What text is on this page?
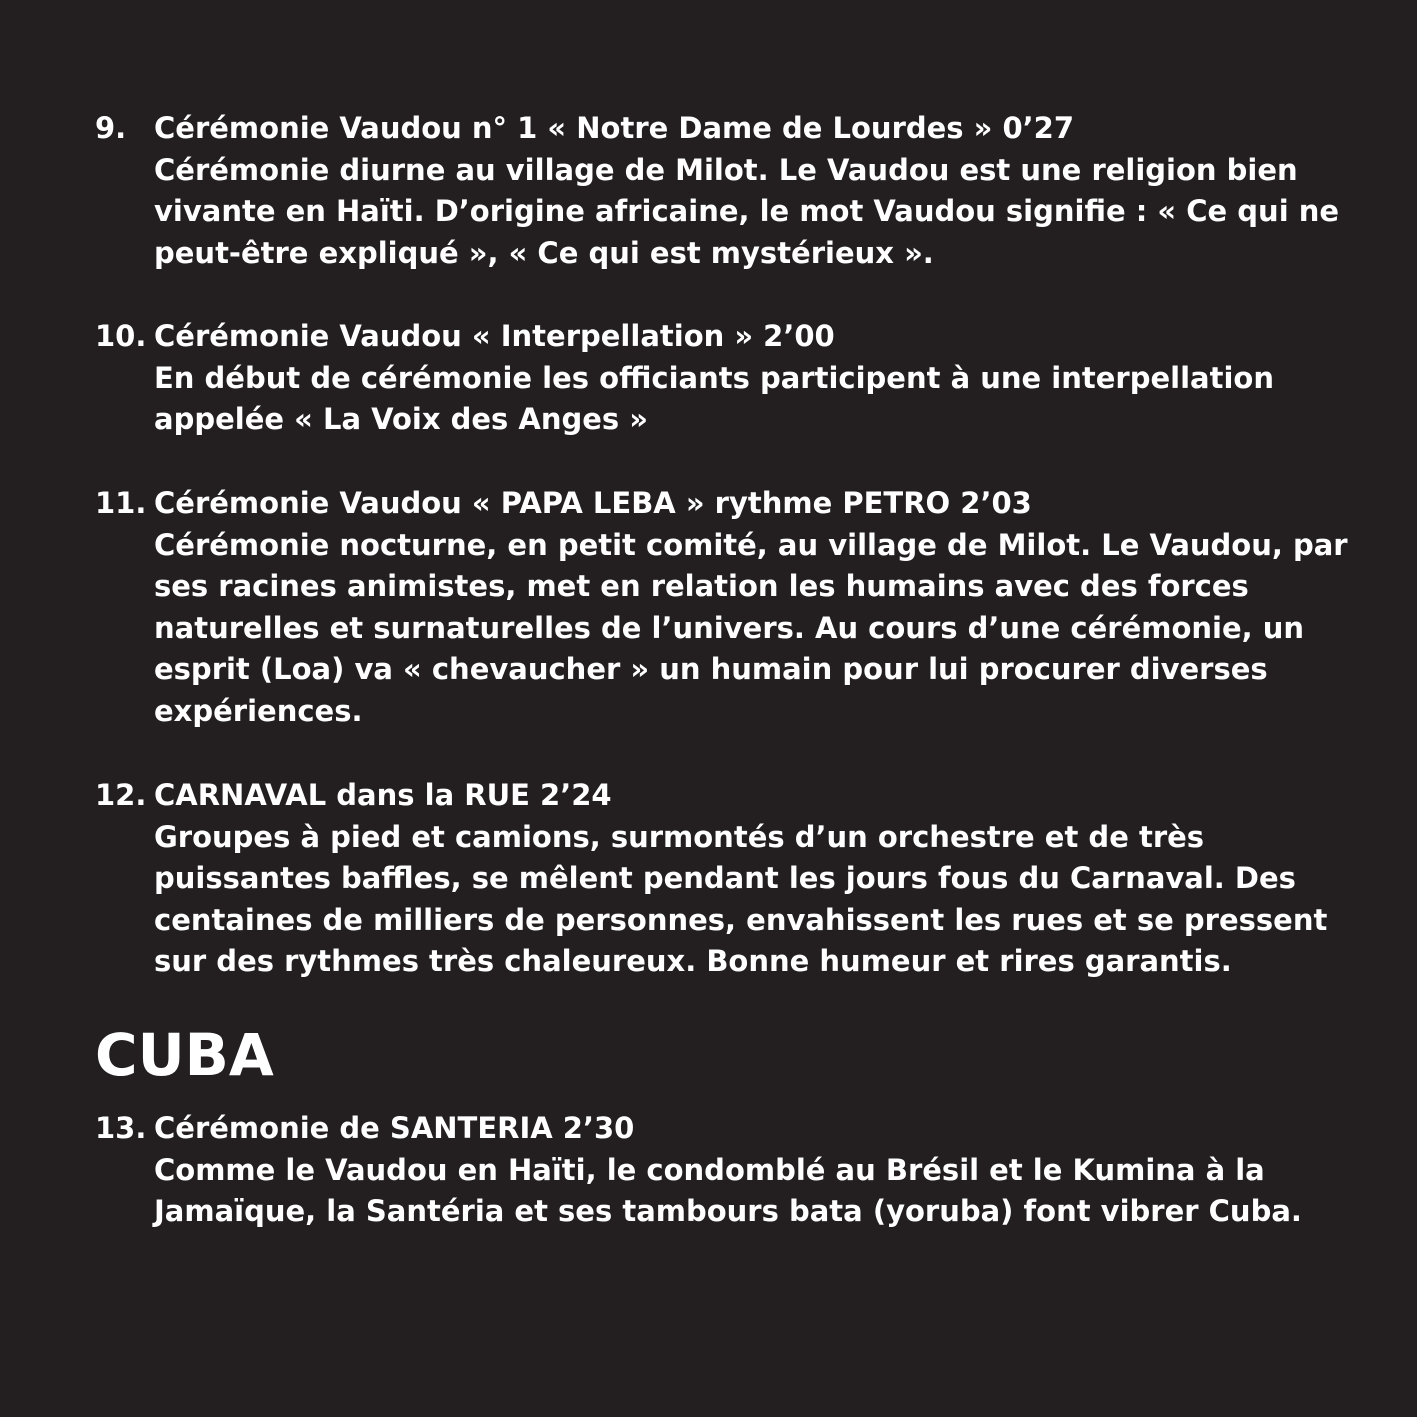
9. Cérémonie Vaudou n° 1 « Notre Dame de Lourdes » 0’27

Cérémonie diurne au village de Milot. Le Vaudou est une religion bien

vivante en Haïti. D’origine africaine, le mot Vaudou signifie : « Ce qui ne

peut-être expliqué », « Ce qui est mystérieux ».

10. Cérémonie Vaudou « Interpellation » 2’00

En début de cérémonie les officiants participent à une interpellation

appelée « La Voix des Anges »

11. Cérémonie Vaudou « PAPA LEBA » rythme PETRO 2’03

Cérémonie nocturne, en petit comité, au village de Milot. Le Vaudou, par

ses racines animistes, met en relation les humains avec des forces

naturelles et surnaturelles de l’univers. Au cours d’une cérémonie, un

esprit (Loa) va « chevaucher » un humain pour lui procurer diverses

expériences.

12. CARNAVAL dans la RUE 2’24

Groupes à pied et camions, surmontés d’un orchestre et de très

puissantes baffles, se mêlent pendant les jours fous du Carnaval. Des

centaines de milliers de personnes, envahissent les rues et se pressent

sur des rythmes très chaleureux. Bonne humeur et rires garantis.

CUBA
13. Cérémonie de SANTERIA 2’30

Comme le Vaudou en Haïti, le condomblé au Brésil et le Kumina à la

Jamaïque, la Santéria et ses tambours bata (yoruba) font vibrer Cuba.
